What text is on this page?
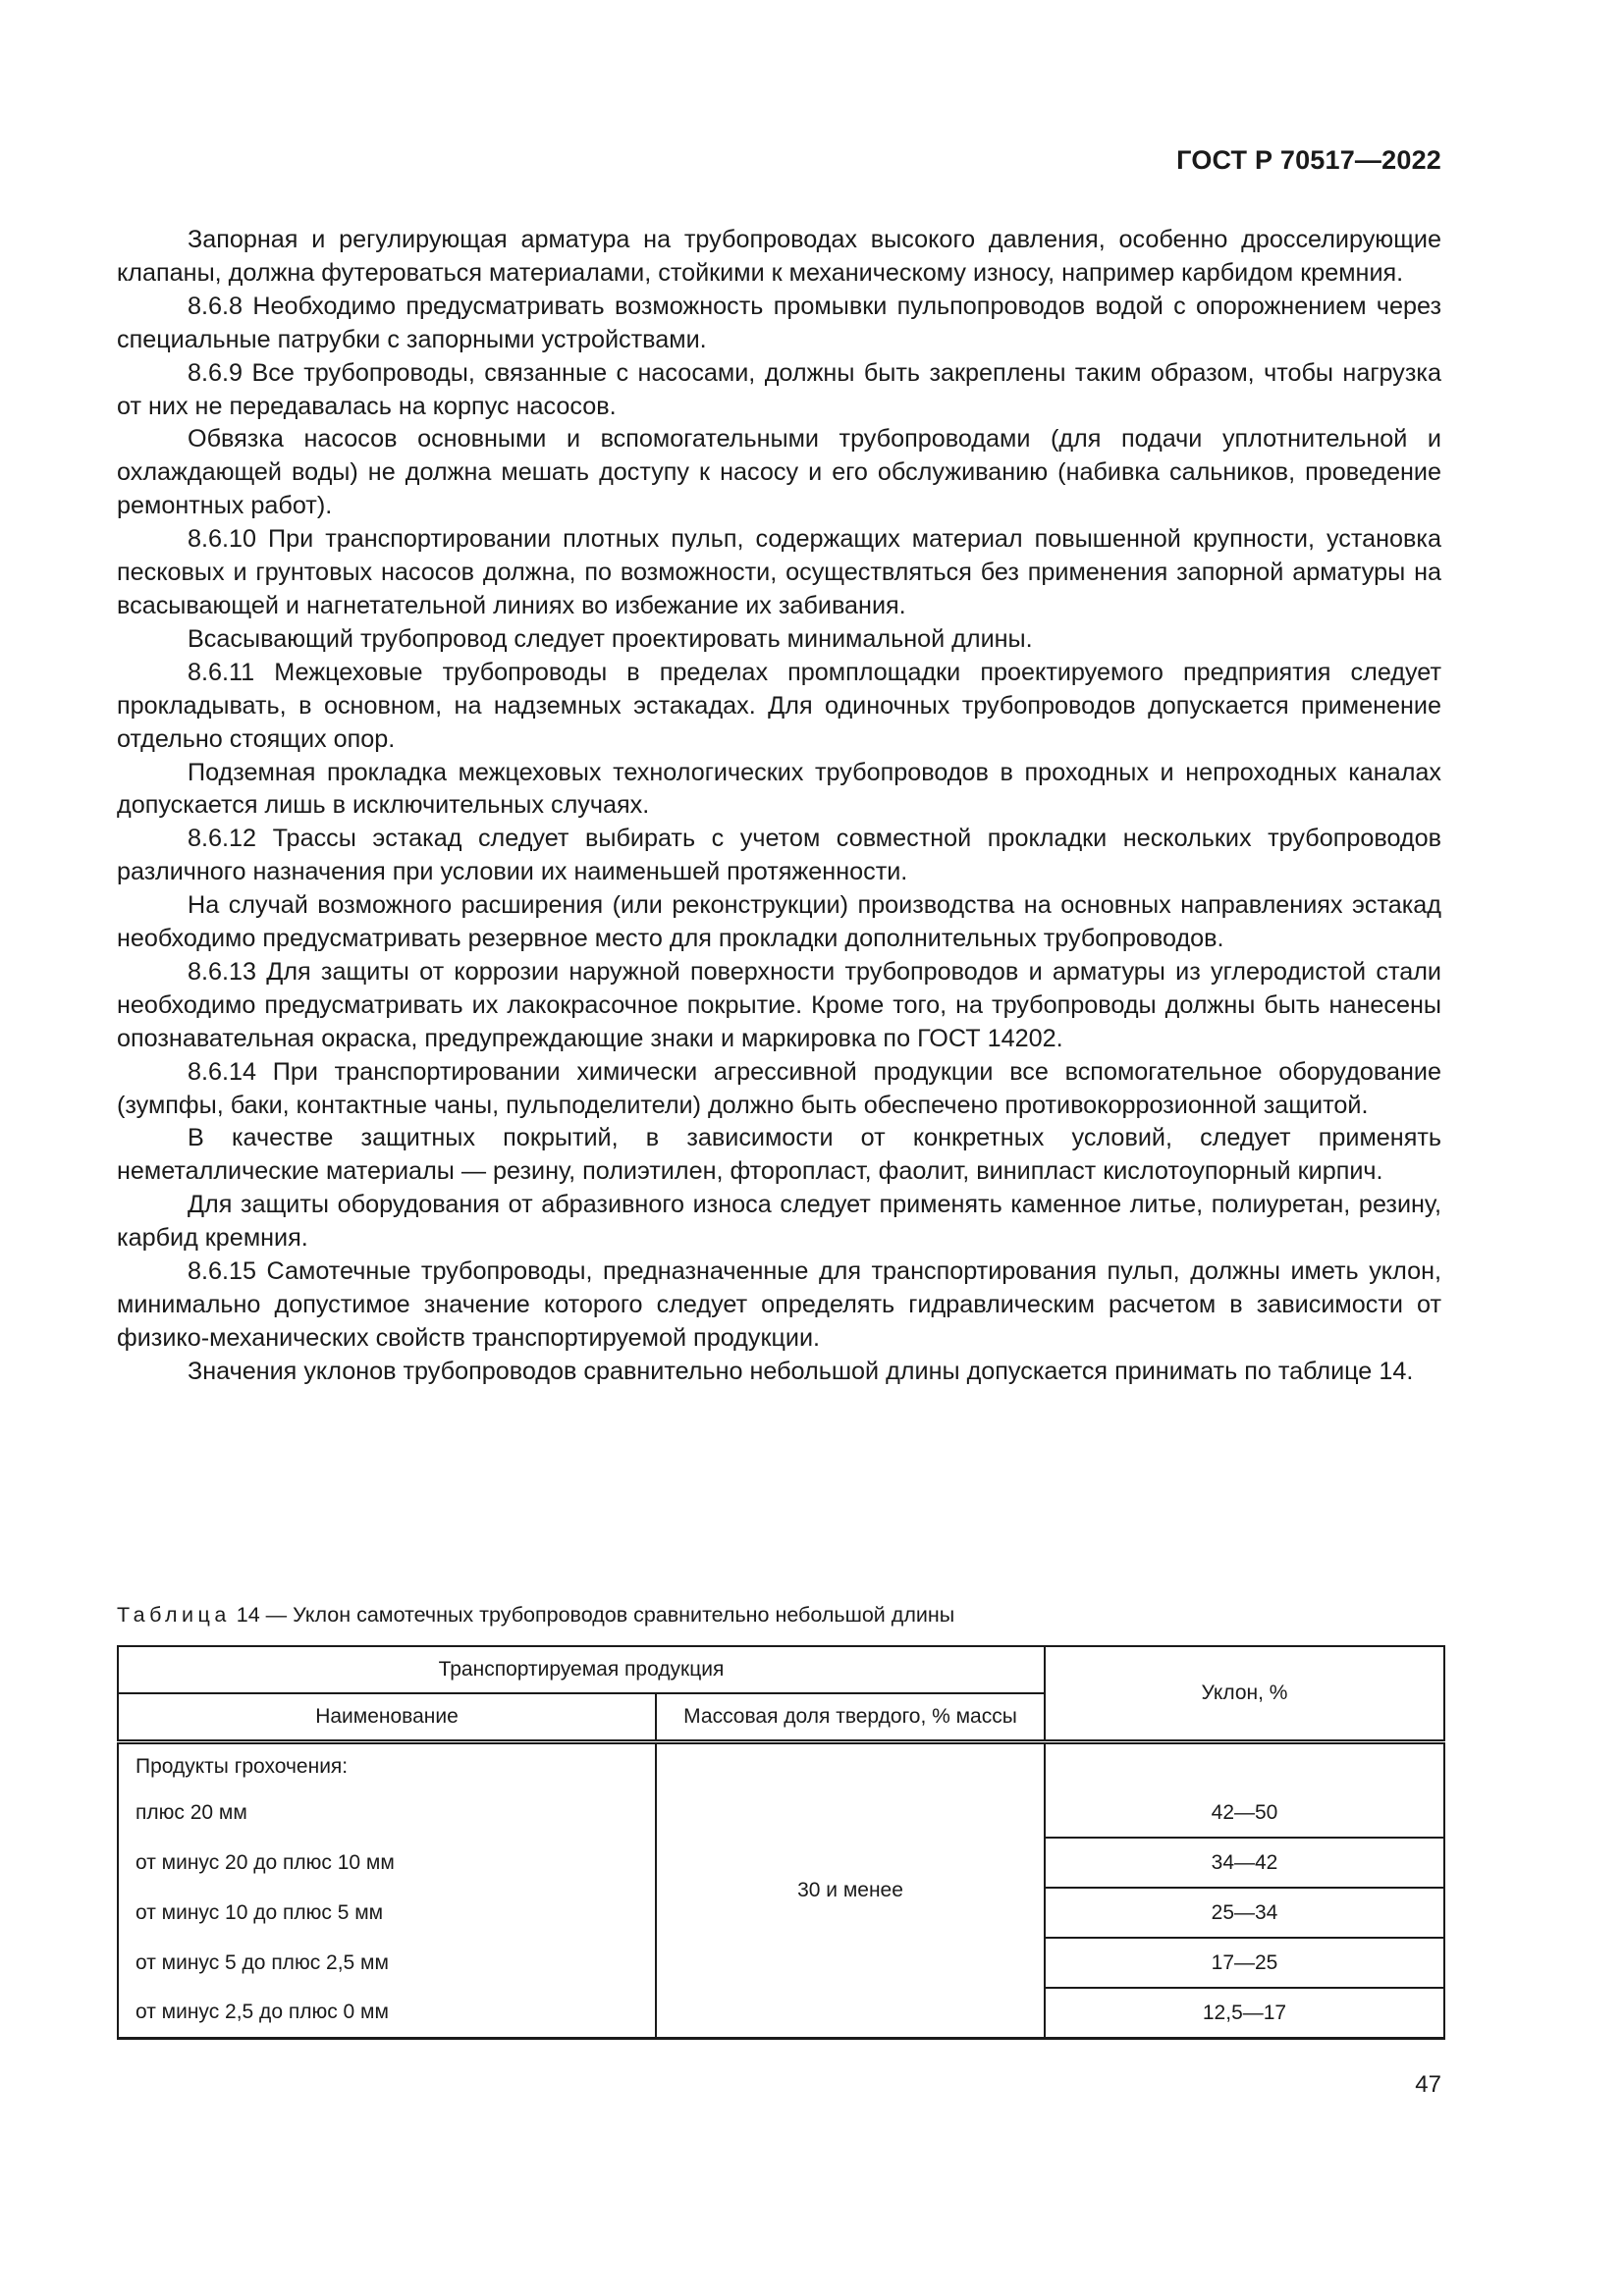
ГОСТ Р 70517—2022

Запорная и регулирующая арматура на трубопроводах высокого давления, особенно дросселирующие клапаны, должна футероваться материалами, стойкими к механическому износу, например карбидом кремния.

8.6.8 Необходимо предусматривать возможность промывки пульпопроводов водой с опорожнением через специальные патрубки с запорными устройствами.

8.6.9 Все трубопроводы, связанные с насосами, должны быть закреплены таким образом, чтобы нагрузка от них не передавалась на корпус насосов.

Обвязка насосов основными и вспомогательными трубопроводами (для подачи уплотнительной и охлаждающей воды) не должна мешать доступу к насосу и его обслуживанию (набивка сальников, проведение ремонтных работ).

8.6.10 При транспортировании плотных пульп, содержащих материал повышенной крупности, установка песковых и грунтовых насосов должна, по возможности, осуществляться без применения запорной арматуры на всасывающей и нагнетательной линиях во избежание их забивания.

Всасывающий трубопровод следует проектировать минимальной длины.

8.6.11 Межцеховые трубопроводы в пределах промплощадки проектируемого предприятия следует прокладывать, в основном, на надземных эстакадах. Для одиночных трубопроводов допускается применение отдельно стоящих опор.

Подземная прокладка межцеховых технологических трубопроводов в проходных и непроходных каналах допускается лишь в исключительных случаях.

8.6.12 Трассы эстакад следует выбирать с учетом совместной прокладки нескольких трубопроводов различного назначения при условии их наименьшей протяженности.

На случай возможного расширения (или реконструкции) производства на основных направлениях эстакад необходимо предусматривать резервное место для прокладки дополнительных трубопроводов.

8.6.13 Для защиты от коррозии наружной поверхности трубопроводов и арматуры из углеродистой стали необходимо предусматривать их лакокрасочное покрытие. Кроме того, на трубопроводы должны быть нанесены опознавательная окраска, предупреждающие знаки и маркировка по ГОСТ 14202.

8.6.14 При транспортировании химически агрессивной продукции все вспомогательное оборудование (зумпфы, баки, контактные чаны, пульподелители) должно быть обеспечено противокоррозионной защитой.

В качестве защитных покрытий, в зависимости от конкретных условий, следует применять неметаллические материалы — резину, полиэтилен, фторопласт, фаолит, винипласт кислотоупорный кирпич.

Для защиты оборудования от абразивного износа следует применять каменное литье, полиуретан, резину, карбид кремния.

8.6.15 Самотечные трубопроводы, предназначенные для транспортирования пульп, должны иметь уклон, минимально допустимое значение которого следует определять гидравлическим расчетом в зависимости от физико-механических свойств транспортируемой продукции.

Значения уклонов трубопроводов сравнительно небольшой длины допускается принимать по таблице 14.

Таблица 14 — Уклон самотечных трубопроводов сравнительно небольшой длины
Транспортируемая продукция		Уклон, %
Наименование	Массовая доля твердого, % массы	
Продукты грохочения:	30 и менее	
плюс 20 мм		42—50
от минус 20 до плюс 10 мм		34—42
от минус 10 до плюс 5 мм		25—34
от минус 5 до плюс 2,5 мм		17—25
от минус 2,5 до плюс 0 мм		12,5—17
47
